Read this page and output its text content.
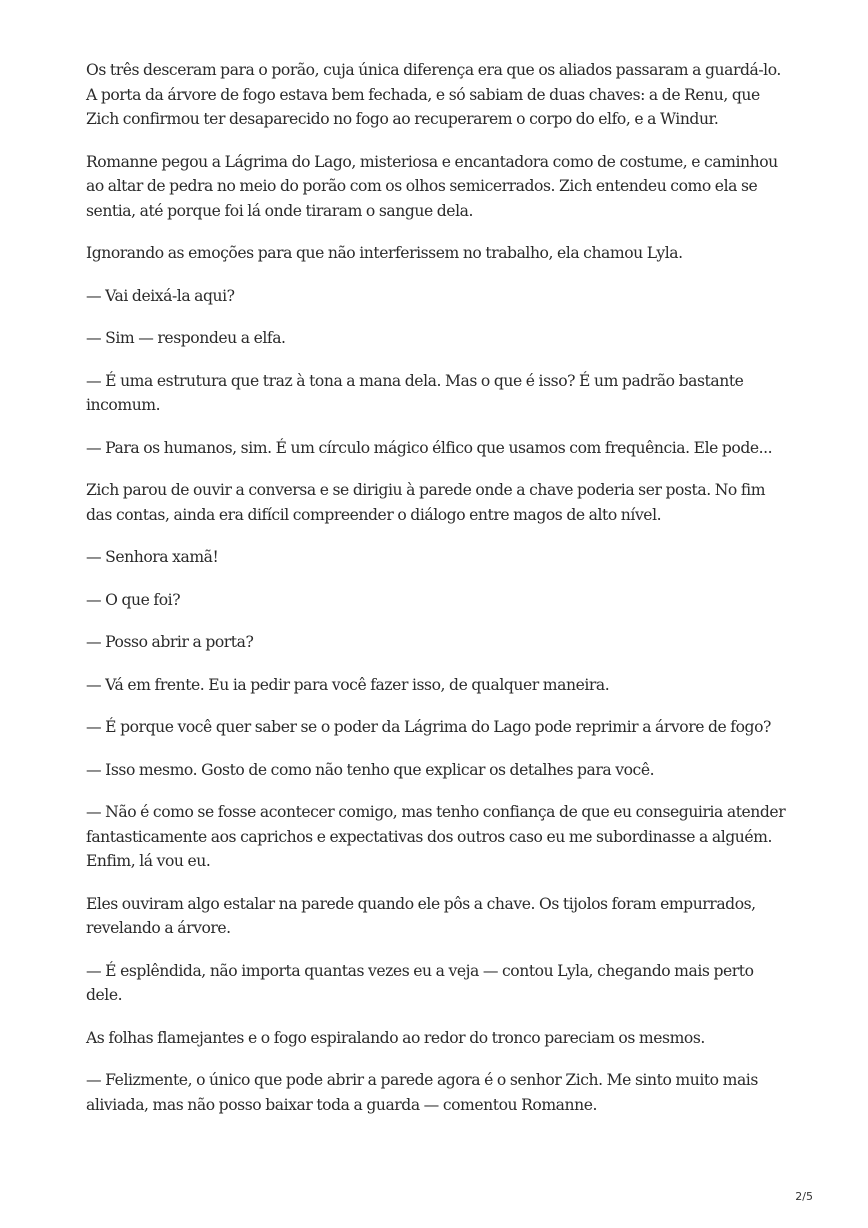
Os três desceram para o porão, cuja única diferença era que os aliados passaram a guardá-lo. A porta da árvore de fogo estava bem fechada, e só sabiam de duas chaves: a de Renu, que Zich confirmou ter desaparecido no fogo ao recuperarem o corpo do elfo, e a Windur.

Romanne pegou a Lágrima do Lago, misteriosa e encantadora como de costume, e caminhou ao altar de pedra no meio do porão com os olhos semicerrados. Zich entendeu como ela se sentia, até porque foi lá onde tiraram o sangue dela.

Ignorando as emoções para que não interferissem no trabalho, ela chamou Lyla.

— Vai deixá-la aqui?

— Sim — respondeu a elfa.

— É uma estrutura que traz à tona a mana dela. Mas o que é isso? É um padrão bastante incomum.

— Para os humanos, sim. É um círculo mágico élfico que usamos com frequência. Ele pode...

Zich parou de ouvir a conversa e se dirigiu à parede onde a chave poderia ser posta. No fim das contas, ainda era difícil compreender o diálogo entre magos de alto nível.

— Senhora xamã!

— O que foi?

— Posso abrir a porta?

— Vá em frente. Eu ia pedir para você fazer isso, de qualquer maneira.

— É porque você quer saber se o poder da Lágrima do Lago pode reprimir a árvore de fogo?

— Isso mesmo. Gosto de como não tenho que explicar os detalhes para você.

— Não é como se fosse acontecer comigo, mas tenho confiança de que eu conseguiria atender fantasticamente aos caprichos e expectativas dos outros caso eu me subordinasse a alguém. Enfim, lá vou eu.

Eles ouviram algo estalar na parede quando ele pôs a chave. Os tijolos foram empurrados, revelando a árvore.

— É esplêndida, não importa quantas vezes eu a veja — contou Lyla, chegando mais perto dele.

As folhas flamejantes e o fogo espiralando ao redor do tronco pareciam os mesmos.

— Felizmente, o único que pode abrir a parede agora é o senhor Zich. Me sinto muito mais aliviada, mas não posso baixar toda a guarda — comentou Romanne.

2/5
